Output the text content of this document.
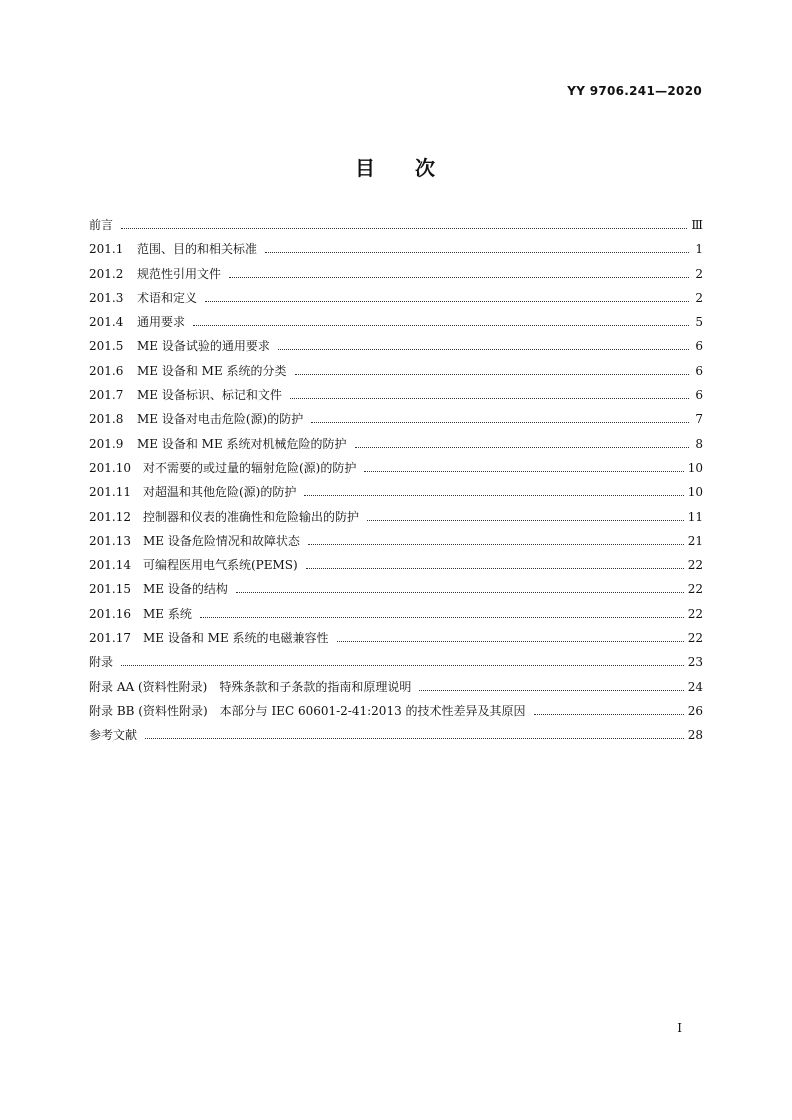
YY 9706.241—2020
目 次
前言	Ⅲ
201.1	范围、目的和相关标准	1
201.2	规范性引用文件	2
201.3	术语和定义	2
201.4	通用要求	5
201.5	ME 设备试验的通用要求	6
201.6	ME 设备和 ME 系统的分类	6
201.7	ME 设备标识、标记和文件	6
201.8	ME 设备对电击危险(源)的防护	7
201.9	ME 设备和 ME 系统对机械危险的防护	8
201.10	对不需要的或过量的辐射危险(源)的防护	10
201.11	对超温和其他危险(源)的防护	10
201.12	控制器和仪表的准确性和危险输出的防护	11
201.13	ME 设备危险情况和故障状态	21
201.14	可编程医用电气系统(PEMS)	22
201.15	ME 设备的结构	22
201.16	ME 系统	22
201.17	ME 设备和 ME 系统的电磁兼容性	22
附录	23
附录 AA (资料性附录)　特殊条款和子条款的指南和原理说明	24
附录 BB (资料性附录)　本部分与 IEC 60601-2-41:2013 的技术性差异及其原因	26
参考文献	28
I
